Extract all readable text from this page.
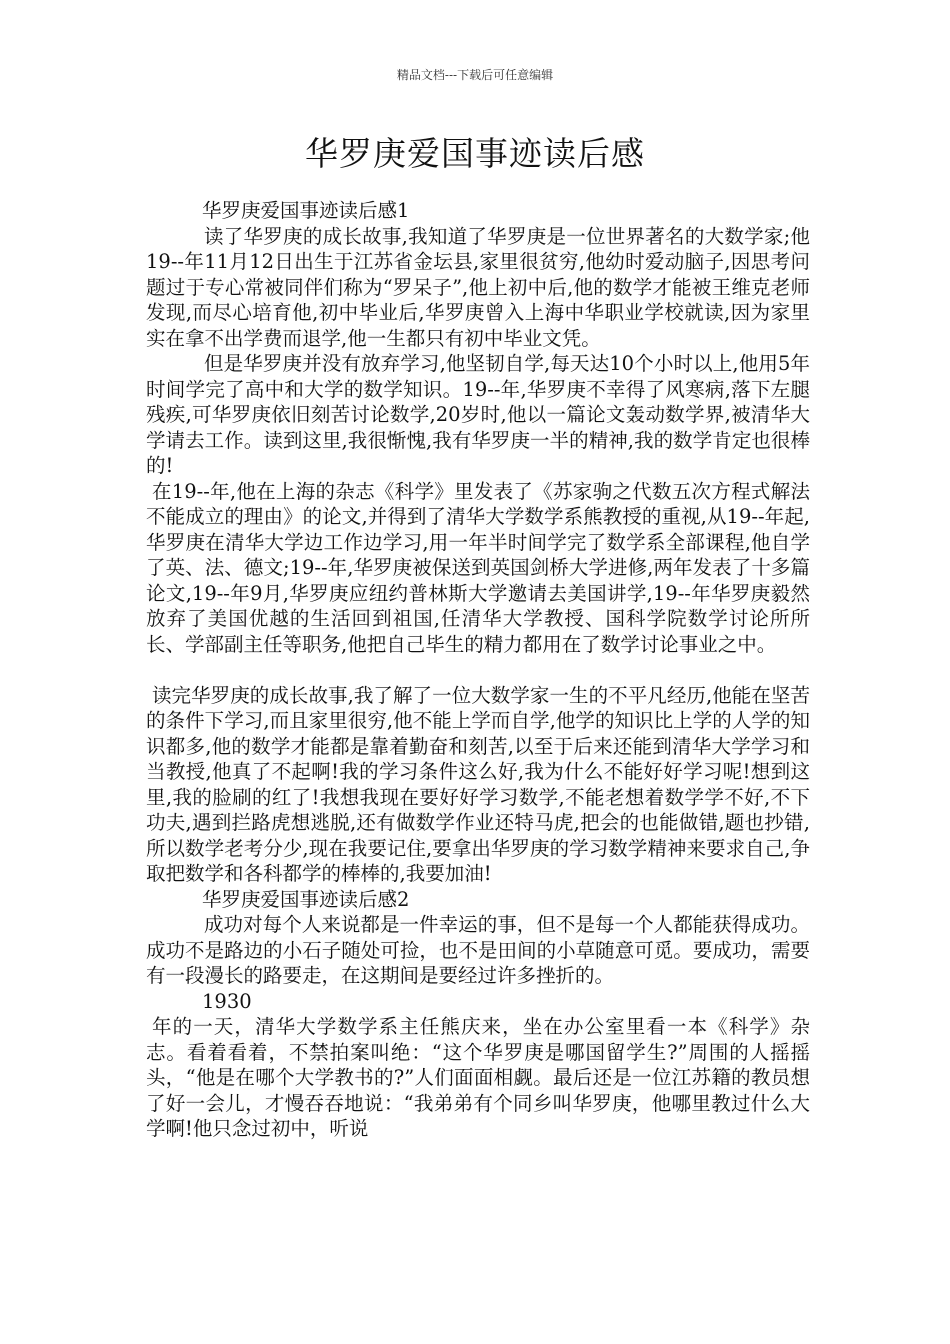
精品文档---下载后可任意编辑
华罗庚爱国事迹读后感

华罗庚爱国事迹读后感1

读了华罗庚的成长故事,我知道了华罗庚是一位世界著名的大数学家;他19--年11月12日出生于江苏省金坛县,家里很贫穷,他幼时爱动脑子,因思考问题过于专心常被同伴们称为“罗呆子”,他上初中后,他的数学才能被王维克老师发现,而尽心培育他,初中毕业后,华罗庚曾入上海中华职业学校就读,因为家里实在拿不出学费而退学,他一生都只有初中毕业文凭。

但是华罗庚并没有放弃学习,他坚韧自学,每天达10个小时以上,他用5年时间学完了高中和大学的数学知识。19--年,华罗庚不幸得了风寒病,落下左腿残疾,可华罗庚依旧刻苦讨论数学,20岁时,他以一篇论文轰动数学界,被清华大学请去工作。读到这里,我很惭愧,我有华罗庚一半的精神,我的数学肯定也很棒的!

在19--年,他在上海的杂志《科学》里发表了《苏家驹之代数五次方程式解法不能成立的理由》的论文,并得到了清华大学数学系熊教授的重视,从19--年起,华罗庚在清华大学边工作边学习,用一年半时间学完了数学系全部课程,他自学了英、法、德文;19--年,华罗庚被保送到英国剑桥大学进修,两年发表了十多篇论文,19--年9月,华罗庚应纽约普林斯大学邀请去美国讲学,19--年华罗庚毅然放弃了美国优越的生活回到祖国,任清华大学教授、国科学院数学讨论所所长、学部副主任等职务,他把自己毕生的精力都用在了数学讨论事业之中。

读完华罗庚的成长故事,我了解了一位大数学家一生的不平凡经历,他能在坚苦的条件下学习,而且家里很穷,他不能上学而自学,他学的知识比上学的人学的知识都多,他的数学才能都是靠着勤奋和刻苦,以至于后来还能到清华大学学习和当教授,他真了不起啊!我的学习条件这么好,我为什么不能好好学习呢!想到这里,我的脸刷的红了!我想我现在要好好学习数学,不能老想着数学学不好,不下功夫,遇到拦路虎想逃脱,还有做数学作业还特马虎,把会的也能做错,题也抄错,所以数学老考分少,现在我要记住,要拿出华罗庚的学习数学精神来要求自己,争取把数学和各科都学的棒棒的,我要加油!

华罗庚爱国事迹读后感2

成功对每个人来说都是一件幸运的事，但不是每一个人都能获得成功。成功不是路边的小石子随处可捡，也不是田间的小草随意可觅。要成功，需要有一段漫长的路要走，在这期间是要经过许多挫折的。

1930

年的一天，清华大学数学系主任熊庆来，坐在办公室里看一本《科学》杂志。看着看着，不禁拍案叫绝：“这个华罗庚是哪国留学生?”周围的人摇摇头，“他是在哪个大学教书的?”人们面面相觑。最后还是一位江苏籍的教员想了好一会儿，才慢吞吞地说：“我弟弟有个同乡叫华罗庚，他哪里教过什么大学啊!他只念过初中，听说
